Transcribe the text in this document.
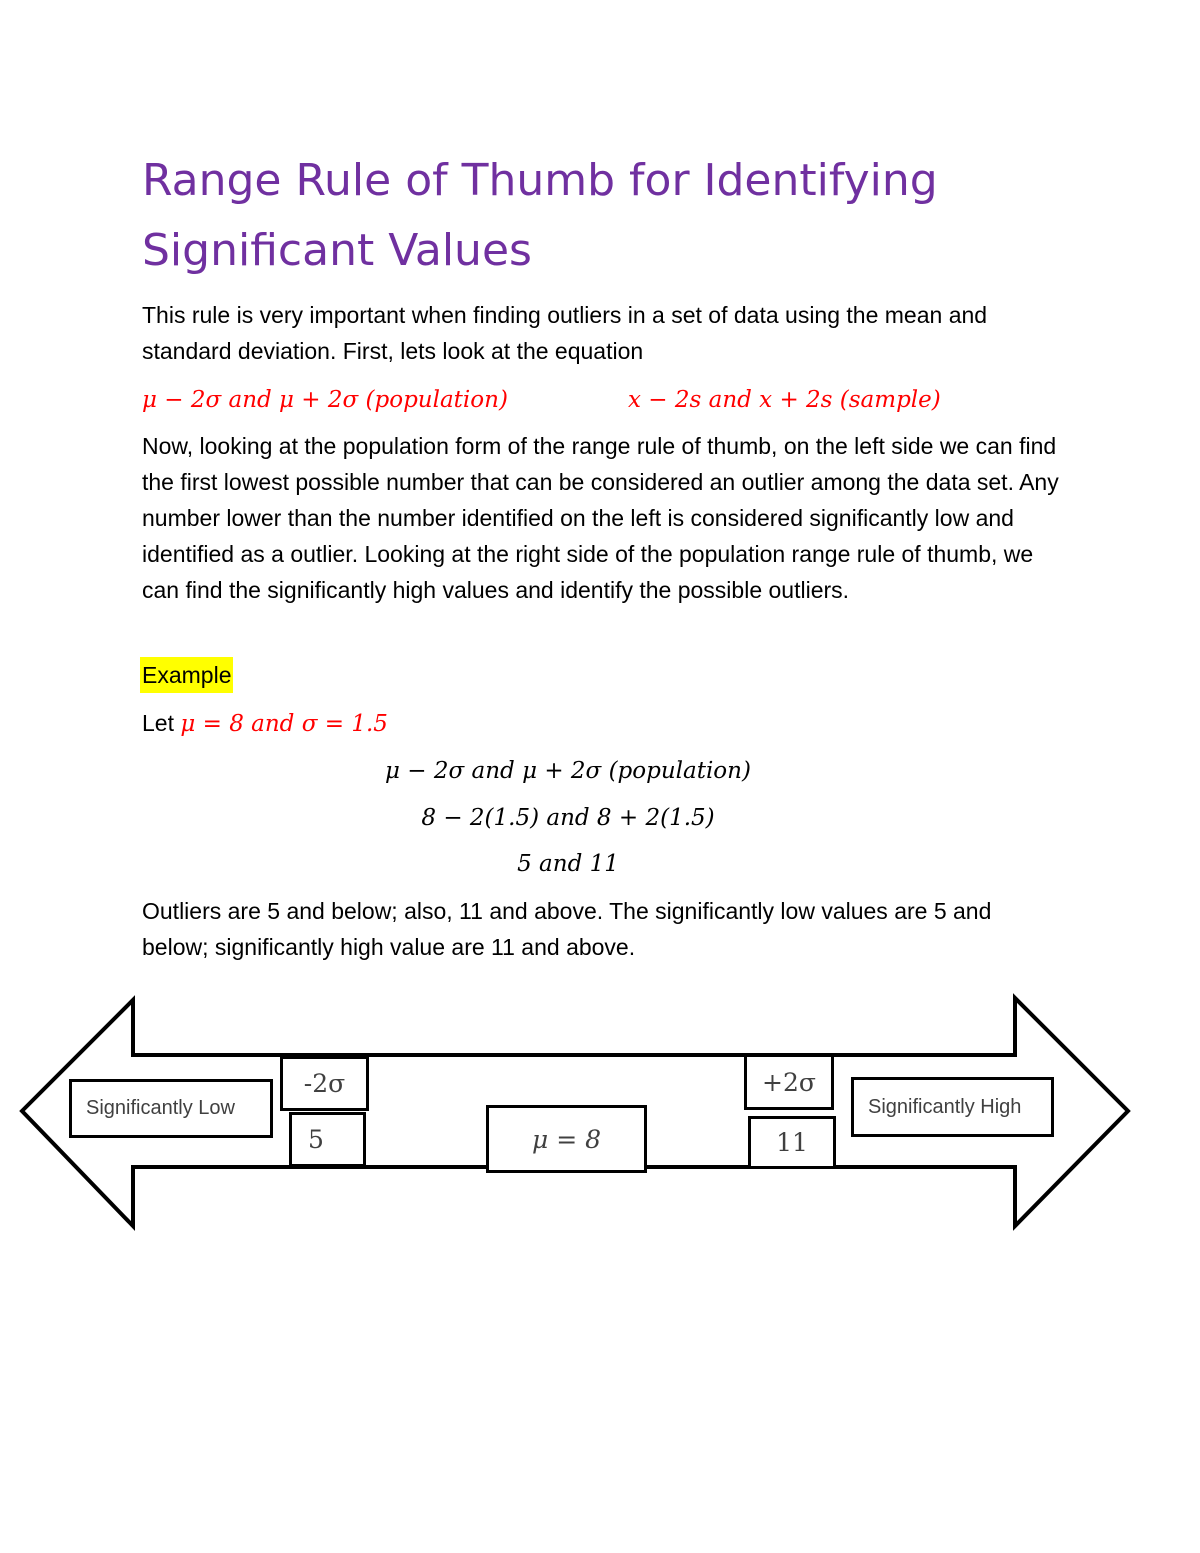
Range Rule of Thumb for Identifying Significant Values

This rule is very important when finding outliers in a set of data using the mean and standard deviation. First, lets look at the equation

μ − 2σ and μ + 2σ (population)	x − 2s and x + 2s (sample)

Now, looking at the population form of the range rule of thumb, on the left side we can find the first lowest possible number that can be considered an outlier among the data set. Any number lower than the number identified on the left is considered significantly low and identified as a outlier. Looking at the right side of the population range rule of thumb, we can find the significantly high values and identify the possible outliers.

Example
Let μ = 8 and σ = 1.5
μ − 2σ and μ + 2σ (population)
8 − 2(1.5) and 8 + 2(1.5)
5 and 11

Outliers are 5 and below; also, 11 and above. The significantly low values are 5 and below; significantly high value are 11 and above.

Significantly Low	Significantly High
-2σ
5	μ = 8
+2σ
11
